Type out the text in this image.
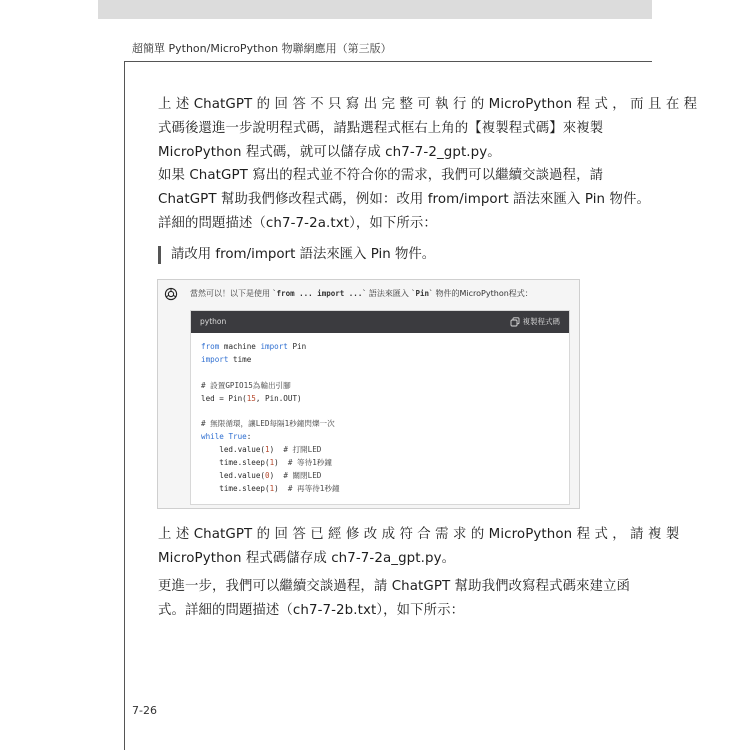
超簡單 Python/MicroPython 物聯網應用（第三版）
上 述 ChatGPT 的 回 答 不 只 寫 出 完 整 可 執 行 的 MicroPython 程 式 ， 而 且 在 程
式碼後還進一步說明程式碼，請點選程式框右上角的【複製程式碼】來複製
MicroPython 程式碼，就可以儲存成 ch7-7-2_gpt.py。
如果 ChatGPT 寫出的程式並不符合你的需求，我們可以繼續交談過程，請
ChatGPT 幫助我們修改程式碼，例如：改用 from/import 語法來匯入 Pin 物件。
詳細的問題描述（ch7-7-2a.txt），如下所示：
請改用 from/import 語法來匯入 Pin 物件。
當然可以！以下是使用 `from ... import ...` 語法來匯入 `Pin` 物件的MicroPython程式：
python	複製程式碼
from machine import Pin
import time
# 設置GPIO15為輸出引腳
led = Pin(15, Pin.OUT)
# 無限循環，讓LED每隔1秒鐘閃爍一次
while True:
led.value(1)  # 打開LED
time.sleep(1)  # 等待1秒鐘
led.value(0)  # 關閉LED
time.sleep(1)  # 再等待1秒鐘
上 述 ChatGPT 的 回 答 已 經 修 改 成 符 合 需 求 的 MicroPython 程 式 ， 請 複 製
MicroPython 程式碼儲存成 ch7-7-2a_gpt.py。
更進一步，我們可以繼續交談過程，請 ChatGPT 幫助我們改寫程式碼來建立函
式。詳細的問題描述（ch7-7-2b.txt），如下所示：
7-26
